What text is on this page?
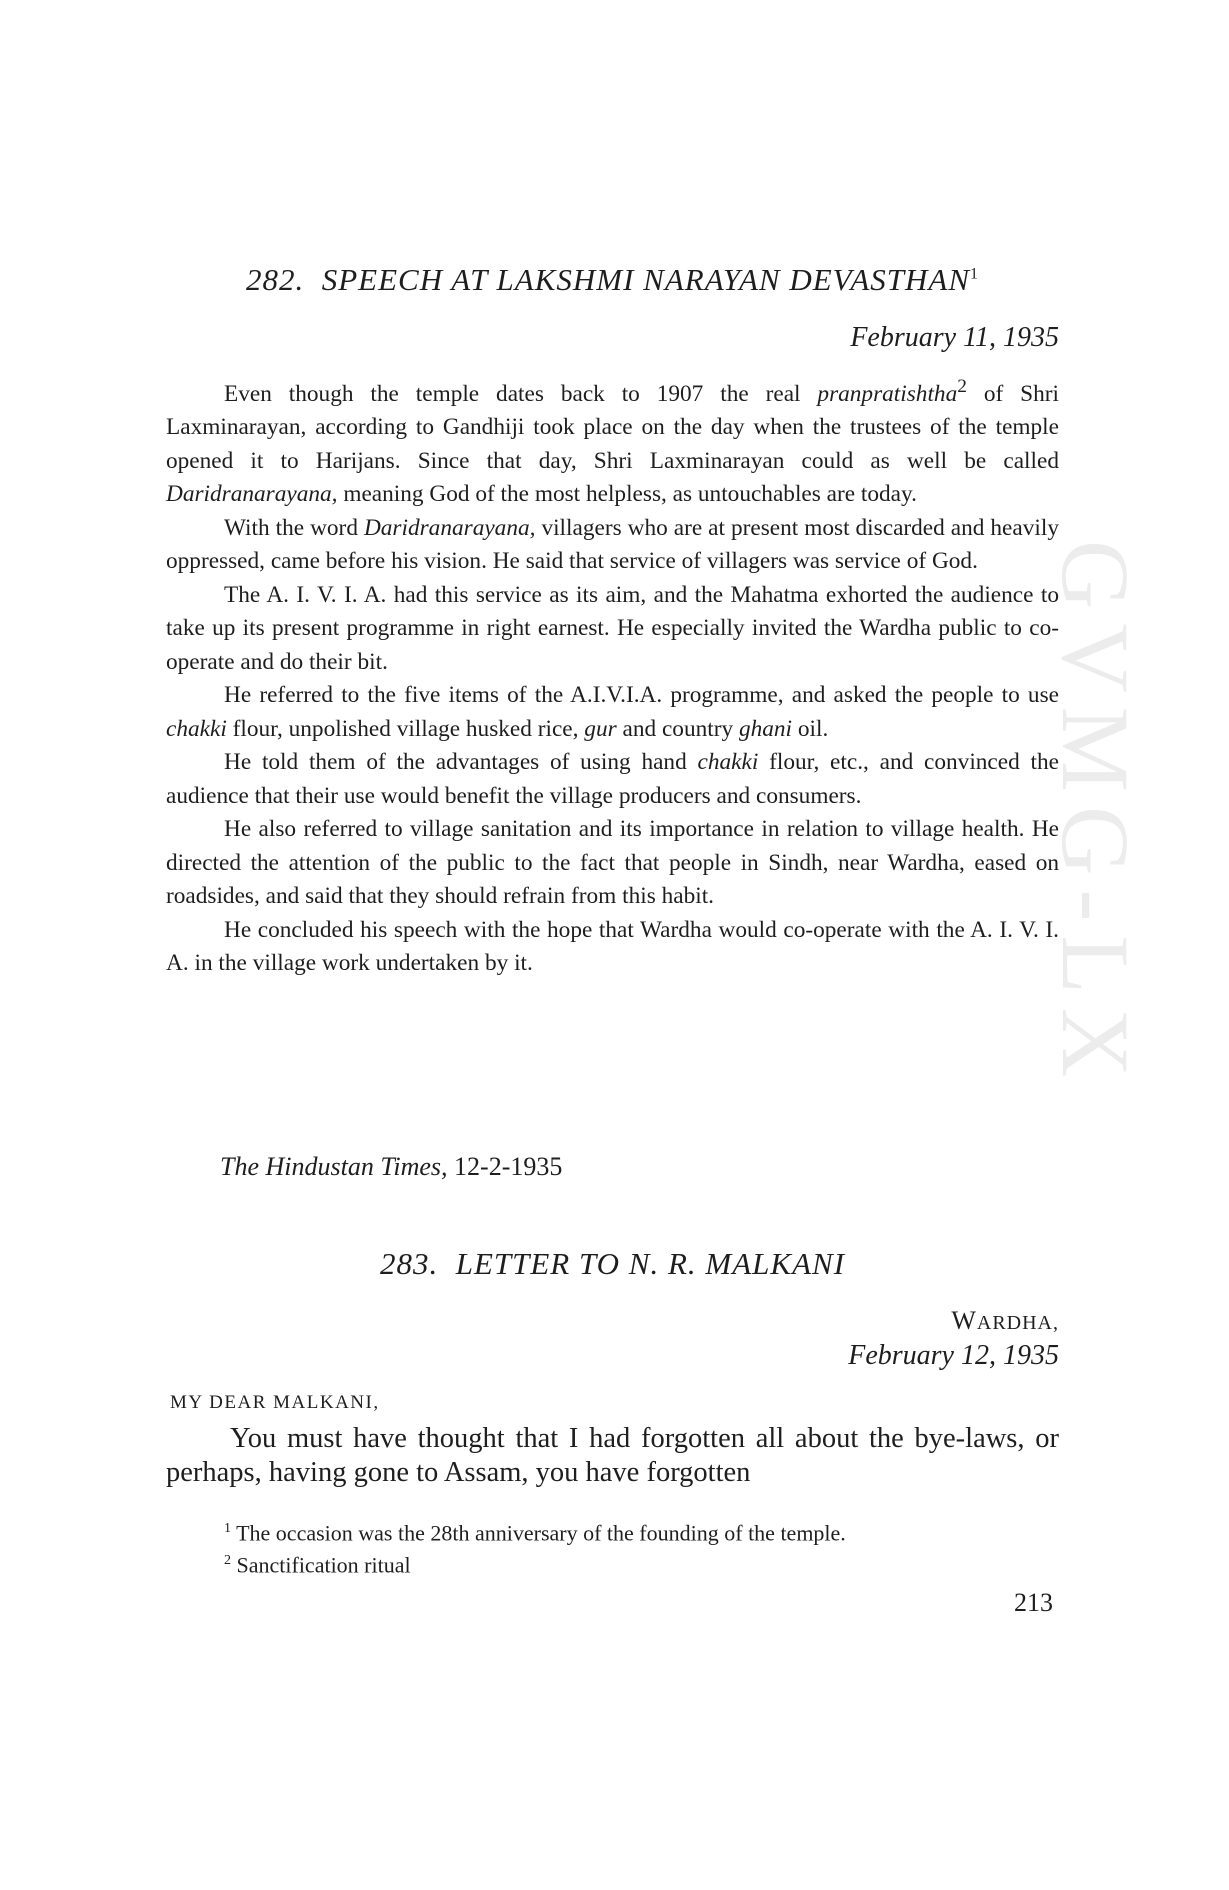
GVMG-LX
282. SPEECH AT LAKSHMI NARAYAN DEVASTHAN$^1$
February 11, 1935

Even though the temple dates back to 1907 the real pranpratishtha$^2$ of Shri Laxminarayan, according to Gandhiji took place on the day when the trustees of the temple opened it to Harijans. Since that day, Shri Laxminarayan could as well be called Daridranarayana, meaning God of the most helpless, as untouchables are today.

With the word Daridranarayana, villagers who are at present most discarded and heavily oppressed, came before his vision. He said that service of villagers was service of God.

The A. I. V. I. A. had this service as its aim, and the Mahatma exhorted the audience to take up its present programme in right earnest. He especially invited the Wardha public to co-operate and do their bit.

He referred to the five items of the A.I.V.I.A. programme, and asked the people to use chakki flour, unpolished village husked rice, gur and country ghani oil.

He told them of the advantages of using hand chakki flour, etc., and convinced the audience that their use would benefit the village producers and consumers.

He also referred to village sanitation and its importance in relation to village health. He directed the attention of the public to the fact that people in Sindh, near Wardha, eased on roadsides, and said that they should refrain from this habit.

He concluded his speech with the hope that Wardha would co-operate with the A. I. V. I. A. in the village work undertaken by it.

The Hindustan Times, 12-2-1935
283. LETTER TO N. R. MALKANI
WARDHA,
February 12, 1935
MY DEAR MALKANI,

You must have thought that I had forgotten all about the bye-laws, or perhaps, having gone to Assam, you have forgotten

$^1$ The occasion was the 28th anniversary of the founding of the temple.
$^2$ Sanctification ritual
213
